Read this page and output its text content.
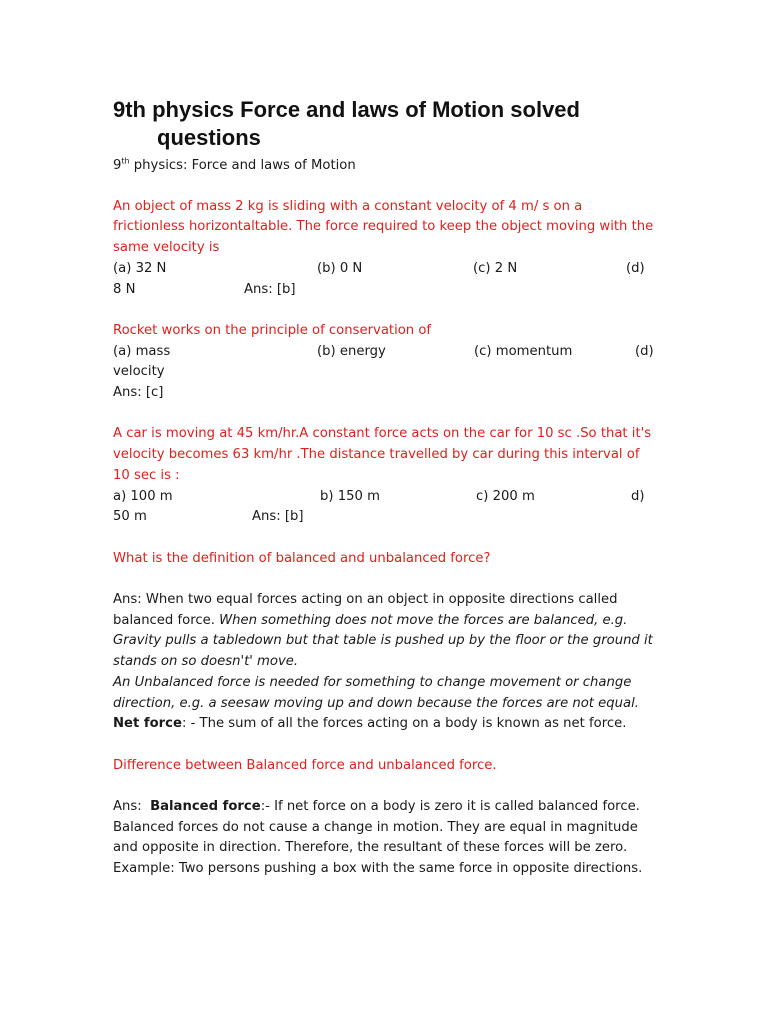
9th physics Force and laws of Motion solved
questions
9th physics: Force and laws of Motion
An object of mass 2 kg is sliding with a constant velocity of 4 m/ s on a
frictionless horizontaltable. The force required to keep the object moving with the
same velocity is
(a) 32 N	(b) 0 N	(c) 2 N	(d)
8 N	Ans: [b]
Rocket works on the principle of conservation of
(a) mass	(b) energy	(c) momentum	(d)
velocity
Ans: [c]
A car is moving at 45 km/hr.A constant force acts on the car for 10 sc .So that it's
velocity becomes 63 km/hr .The distance travelled by car during this interval of
10 sec is :
a) 100 m	b) 150 m	c) 200 m	d)
50 m	Ans: [b]
What is the definition of balanced and unbalanced force?
Ans: When two equal forces acting on an object in opposite directions called
balanced force. When something does not move the forces are balanced, e.g.
Gravity pulls a tabledown but that table is pushed up by the floor or the ground it
stands on so doesn't' move.
An Unbalanced force is needed for something to change movement or change
direction, e.g. a seesaw moving up and down because the forces are not equal.
Net force: - The sum of all the forces acting on a body is known as net force.
Difference between Balanced force and unbalanced force.
Ans:  Balanced force:- If net force on a body is zero it is called balanced force.
Balanced forces do not cause a change in motion. They are equal in magnitude
and opposite in direction. Therefore, the resultant of these forces will be zero.
Example: Two persons pushing a box with the same force in opposite directions.
